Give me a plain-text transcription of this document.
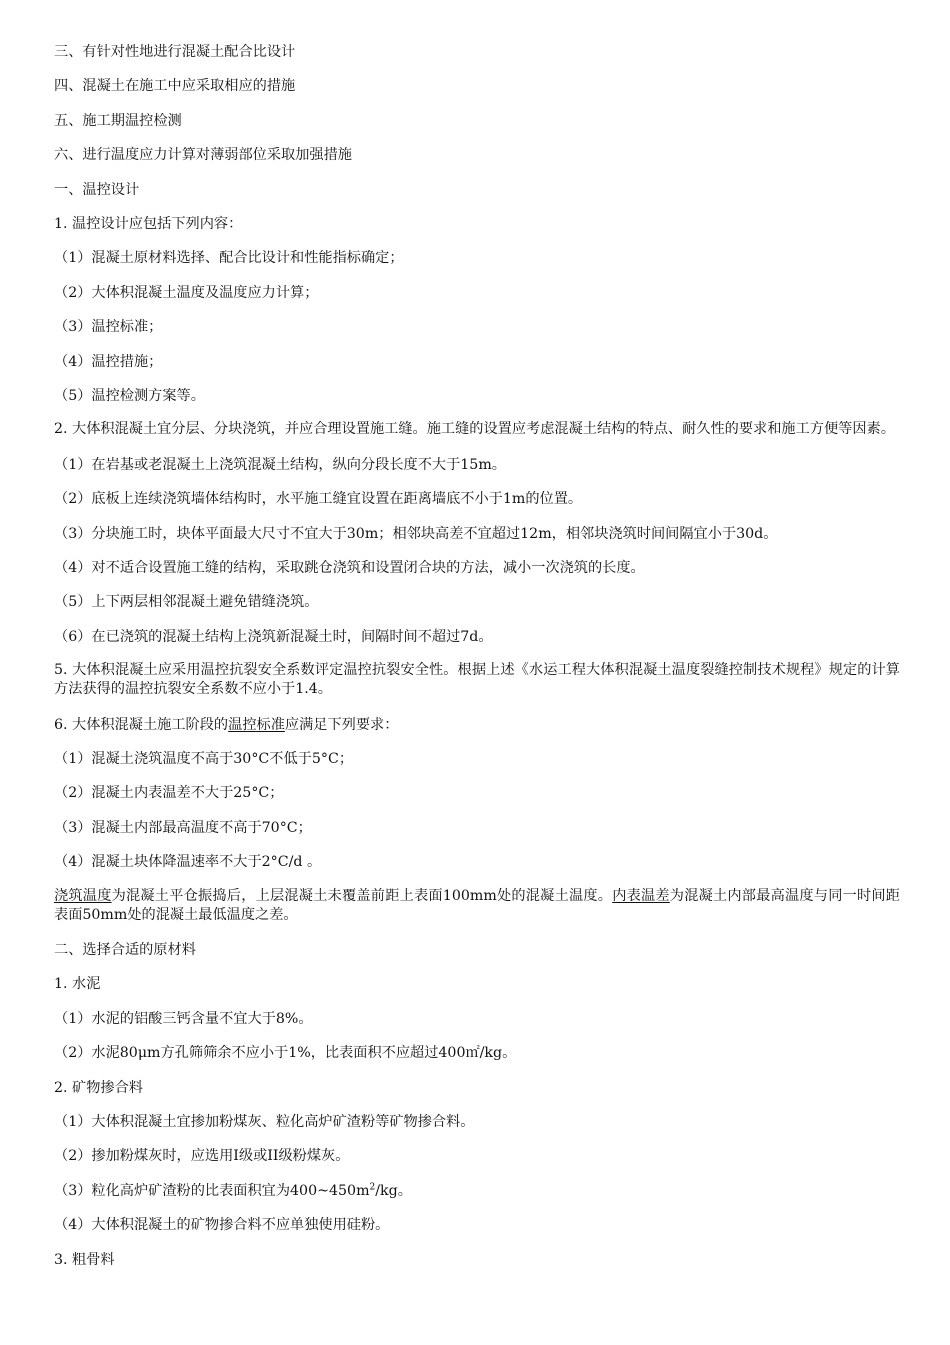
三、有针对性地进行混凝土配合比设计
四、混凝土在施工中应采取相应的措施
五、施工期温控检测
六、进行温度应力计算对薄弱部位采取加强措施
一、温控设计
1. 温控设计应包括下列内容：
（1）混凝土原材料选择、配合比设计和性能指标确定；
（2）大体积混凝土温度及温度应力计算；
（3）温控标准；
（4）温控措施；
（5）温控检测方案等。
2. 大体积混凝土宜分层、分块浇筑，并应合理设置施工缝。施工缝的设置应考虑混凝土结构的特点、耐久性的要求和施工方便等因素。
（1）在岩基或老混凝土上浇筑混凝土结构，纵向分段长度不大于15m。
（2）底板上连续浇筑墙体结构时，水平施工缝宜设置在距离墙底不小于1m的位置。
（3）分块施工时，块体平面最大尺寸不宜大于30m；相邻块高差不宜超过12m，相邻块浇筑时间间隔宜小于30d。
（4）对不适合设置施工缝的结构，采取跳仓浇筑和设置闭合块的方法，减小一次浇筑的长度。
（5）上下两层相邻混凝土避免错缝浇筑。
（6）在已浇筑的混凝土结构上浇筑新混凝土时，间隔时间不超过7d。
5. 大体积混凝土应采用温控抗裂安全系数评定温控抗裂安全性。根据上述《水运工程大体积混凝土温度裂缝控制技术规程》规定的计算方法获得的温控抗裂安全系数不应小于1.4。
6. 大体积混凝土施工阶段的温控标准应满足下列要求：
（1）混凝土浇筑温度不高于30°C不低于5°C；
（2）混凝土内表温差不大于25°C；
（3）混凝土内部最高温度不高于70°C；
（4）混凝土块体降温速率不大于2°C/d 。
浇筑温度为混凝土平仓振捣后，上层混凝土未覆盖前距上表面100mm处的混凝土温度。内表温差为混凝土内部最高温度与同一时间距表面50mm处的混凝土最低温度之差。
二、选择合适的原材料
1. 水泥
（1）水泥的铝酸三钙含量不宜大于8%。
（2）水泥80μm方孔筛筛余不应小于1%，比表面积不应超过400㎡/kg。
2. 矿物掺合料
（1）大体积混凝土宜掺加粉煤灰、粒化高炉矿渣粉等矿物掺合料。
（2）掺加粉煤灰时，应选用I级或II级粉煤灰。
（3）粒化高炉矿渣粉的比表面积宜为$400\sim 450m^2/kg$。
（4）大体积混凝土的矿物掺合料不应单独使用硅粉。
3. 粗骨料
